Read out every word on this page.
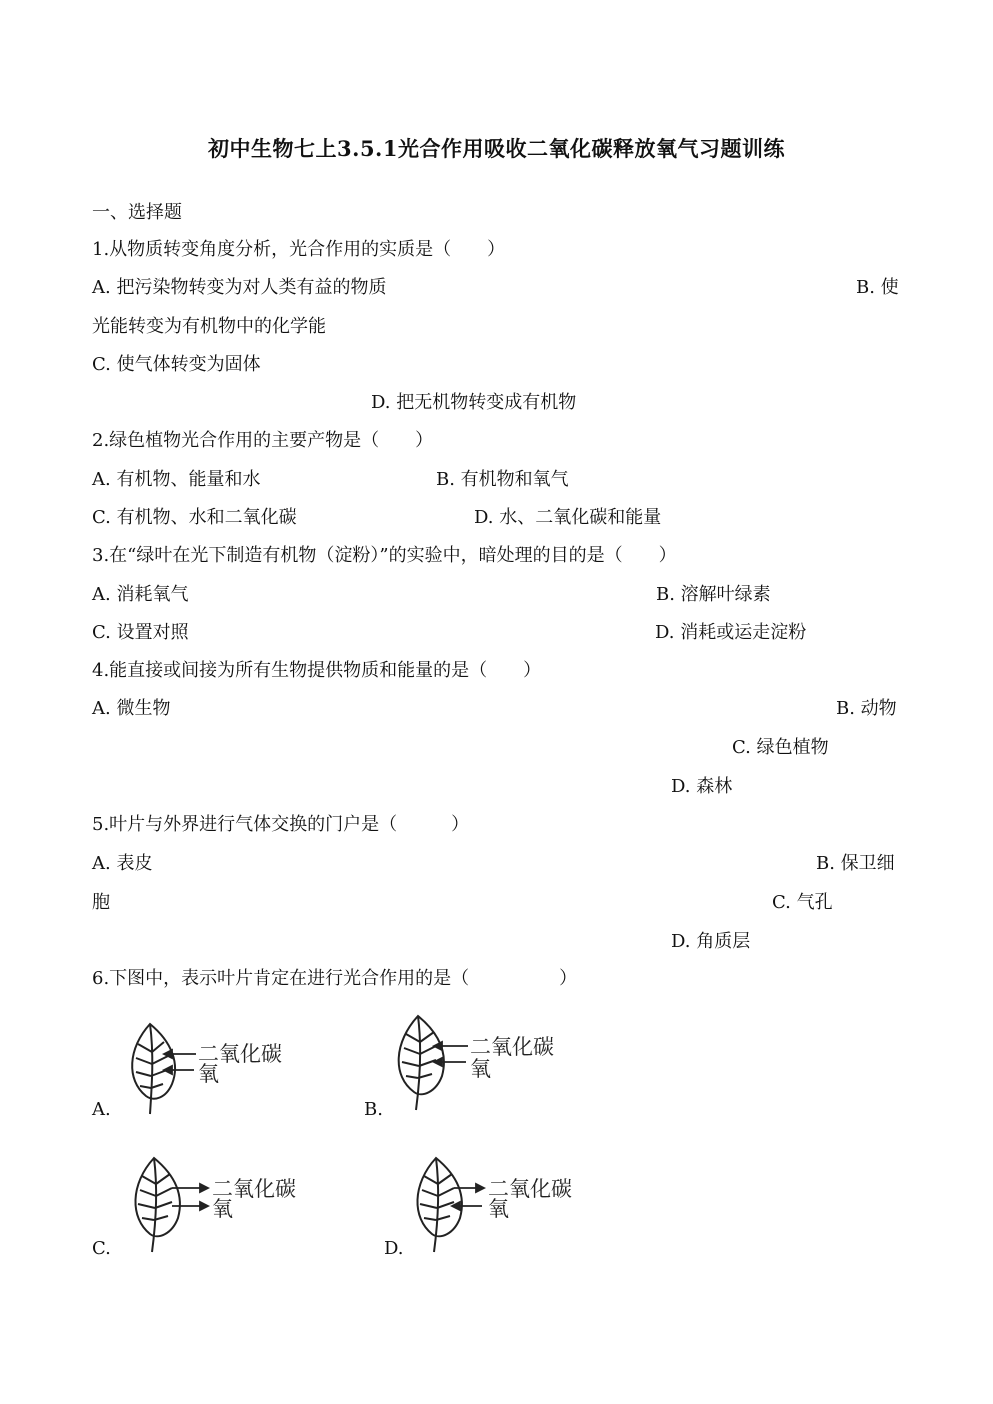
初中生物七上3.5.1光合作用吸收二氧化碳释放氧气习题训练
一、选择题
1.从物质转变角度分析，光合作用的实质是（　　）
A. 把污染物转变为对人类有益的物质	B. 使
光能转变为有机物中的化学能
C. 使气体转变为固体
D. 把无机物转变成有机物
2.绿色植物光合作用的主要产物是（　　）
A. 有机物、能量和水	B. 有机物和氧气
C. 有机物、水和二氧化碳	D. 水、二氧化碳和能量
3.在“绿叶在光下制造有机物（淀粉）”的实验中，暗处理的目的是（　　）
A. 消耗氧气	B. 溶解叶绿素
C. 设置对照	D. 消耗或运走淀粉
4.能直接或间接为所有生物提供物质和能量的是（　　）
A. 微生物	B. 动物
C. 绿色植物
D. 森林
5.叶片与外界进行气体交换的门户是（　　　）
A. 表皮	B. 保卫细
胞	C. 气孔
D. 角质层
6.下图中，表示叶片肯定在进行光合作用的是（　　　　　）
二氧化碳
氧
A.
二氧化碳
氧
B.
二氧化碳
氧
C.
二氧化碳
氧
D.
